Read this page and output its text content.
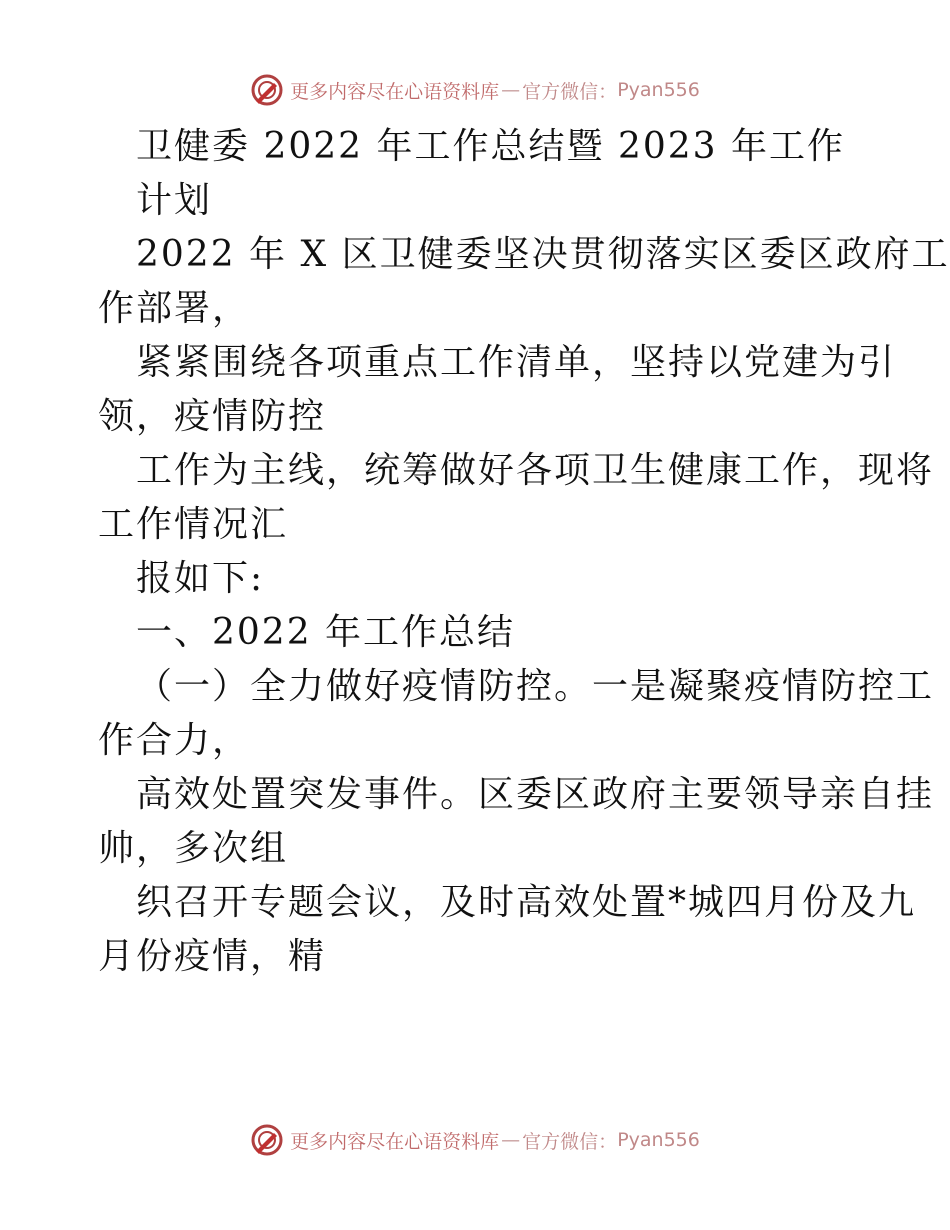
更多内容尽在心语资料库 — 官方微信： Pyan556
卫健委 2022 年工作总结暨 2023 年工作
计划
2022 年 X 区卫健委坚决贯彻落实区委区政府工
作部署，
紧紧围绕各项重点工作清单，坚持以党建为引
领，疫情防控
工作为主线，统筹做好各项卫生健康工作，现将
工作情况汇
报如下:
一、2022 年工作总结
（一）全力做好疫情防控。一是凝聚疫情防控工
作合力，
高效处置突发事件。区委区政府主要领导亲自挂
帅，多次组
织召开专题会议，及时高效处置*城四月份及九
月份疫情，精
更多内容尽在心语资料库 — 官方微信： Pyan556
